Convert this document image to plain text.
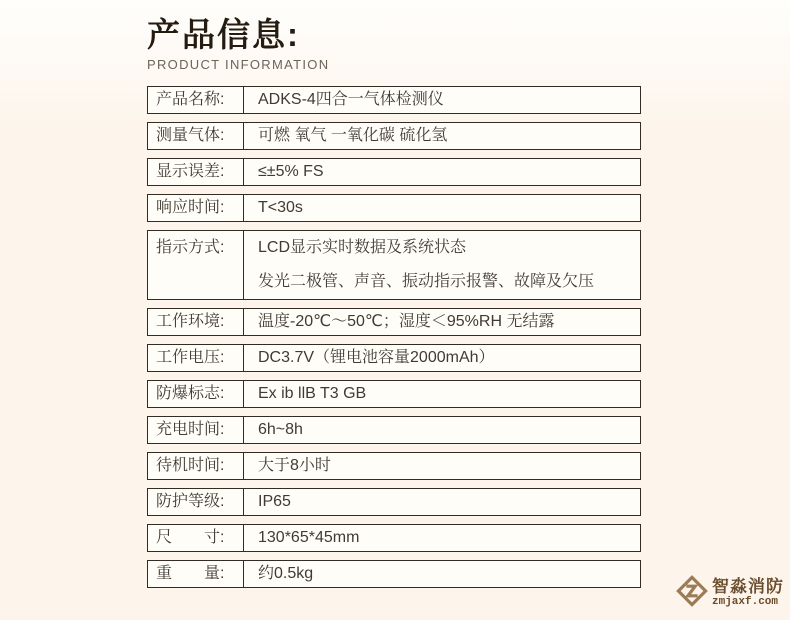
产品信息:
PRODUCT INFORMATION
产品名称:	ADKS-4四合一气体检测仪
测量气体:	可燃 氧气 一氧化碳 硫化氢
显示误差:	≤±5% FS
响应时间:	T<30s
指示方式:	LCD显示实时数据及系统状态
发光二极管、声音、振动指示报警、故障及欠压
工作环境:	温度-20℃～50℃；湿度＜95%RH 无结露
工作电压:	DC3.7V（锂电池容量2000mAh）
防爆标志:	Ex ib llB T3 GB
充电时间:	6h~8h
待机时间:	大于8小时
防护等级:	IP65
尺　　寸:	130*65*45mm
重　　量:	约0.5kg
智淼消防
zmjaxf.com
